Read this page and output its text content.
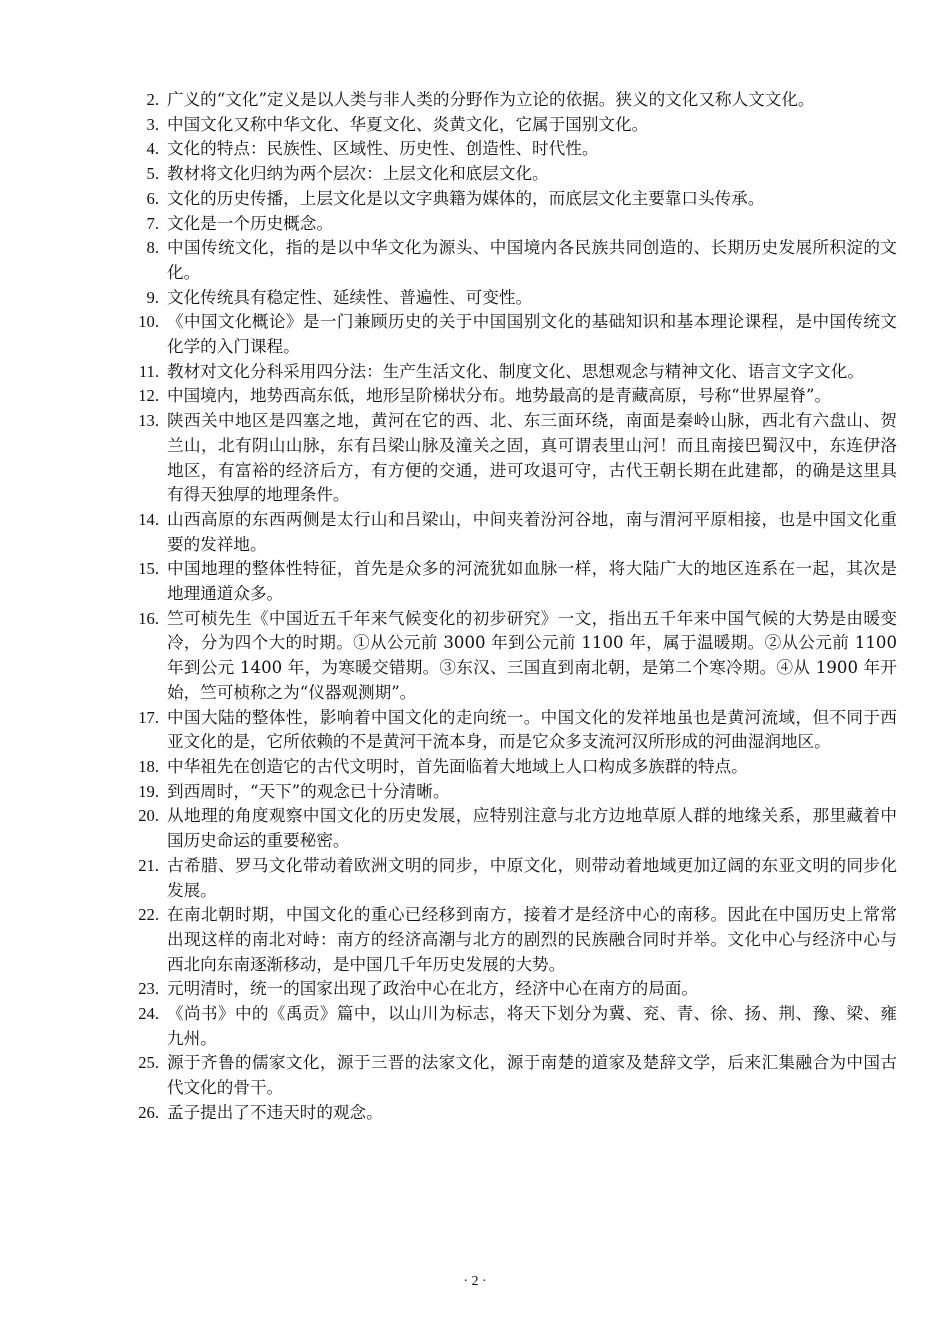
2. 广义的“文化”定义是以人类与非人类的分野作为立论的依据。狭义的文化又称人文文化。
3. 中国文化又称中华文化、华夏文化、炎黄文化，它属于国别文化。
4. 文化的特点：民族性、区域性、历史性、创造性、时代性。
5. 教材将文化归纳为两个层次：上层文化和底层文化。
6. 文化的历史传播，上层文化是以文字典籍为媒体的，而底层文化主要靠口头传承。
7. 文化是一个历史概念。
8. 中国传统文化，指的是以中华文化为源头、中国境内各民族共同创造的、长期历史发展所积淀的文化。
9. 文化传统具有稳定性、延续性、普遍性、可变性。
10. 《中国文化概论》是一门兼顾历史的关于中国国别文化的基础知识和基本理论课程，是中国传统文化学的入门课程。
11. 教材对文化分科采用四分法：生产生活文化、制度文化、思想观念与精神文化、语言文字文化。
12. 中国境内，地势西高东低，地形呈阶梯状分布。地势最高的是青藏高原，号称“世界屋脊”。
13. 陕西关中地区是四塞之地，黄河在它的西、北、东三面环绕，南面是秦岭山脉，西北有六盘山、贺兰山，北有阴山山脉，东有吕梁山脉及潼关之固，真可谓表里山河！而且南接巴蜀汉中，东连伊洛地区，有富裕的经济后方，有方便的交通，进可攻退可守，古代王朝长期在此建都，的确是这里具有得天独厚的地理条件。
14. 山西高原的东西两侧是太行山和吕梁山，中间夹着汾河谷地，南与渭河平原相接，也是中国文化重要的发祥地。
15. 中国地理的整体性特征，首先是众多的河流犹如血脉一样，将大陆广大的地区连系在一起，其次是地理通道众多。
16. 竺可桢先生《中国近五千年来气候变化的初步研究》一文，指出五千年来中国气候的大势是由暖变冷，分为四个大的时期。①从公元前 3000 年到公元前 1100 年，属于温暖期。②从公元前 1100 年到公元 1400 年，为寒暖交错期。③东汉、三国直到南北朝，是第二个寒冷期。④从 1900 年开始，竺可桢称之为“仪器观测期”。
17. 中国大陆的整体性，影响着中国文化的走向统一。中国文化的发祥地虽也是黄河流域，但不同于西亚文化的是，它所依赖的不是黄河干流本身，而是它众多支流河汉所形成的河曲湿润地区。
18. 中华祖先在创造它的古代文明时，首先面临着大地域上人口构成多族群的特点。
19. 到西周时，“天下”的观念已十分清晰。
20. 从地理的角度观察中国文化的历史发展，应特别注意与北方边地草原人群的地缘关系，那里藏着中国历史命运的重要秘密。
21. 古希腊、罗马文化带动着欧洲文明的同步，中原文化，则带动着地域更加辽阔的东亚文明的同步化发展。
22. 在南北朝时期，中国文化的重心已经移到南方，接着才是经济中心的南移。因此在中国历史上常常出现这样的南北对峙：南方的经济高潮与北方的剧烈的民族融合同时并举。文化中心与经济中心与西北向东南逐渐移动，是中国几千年历史发展的大势。
23. 元明清时，统一的国家出现了政治中心在北方，经济中心在南方的局面。
24. 《尚书》中的《禹贡》篇中，以山川为标志，将天下划分为冀、兖、青、徐、扬、荆、豫、梁、雍九州。
25. 源于齐鲁的儒家文化，源于三晋的法家文化，源于南楚的道家及楚辞文学，后来汇集融合为中国古代文化的骨干。
26. 孟子提出了不违天时的观念。
· 2 ·
